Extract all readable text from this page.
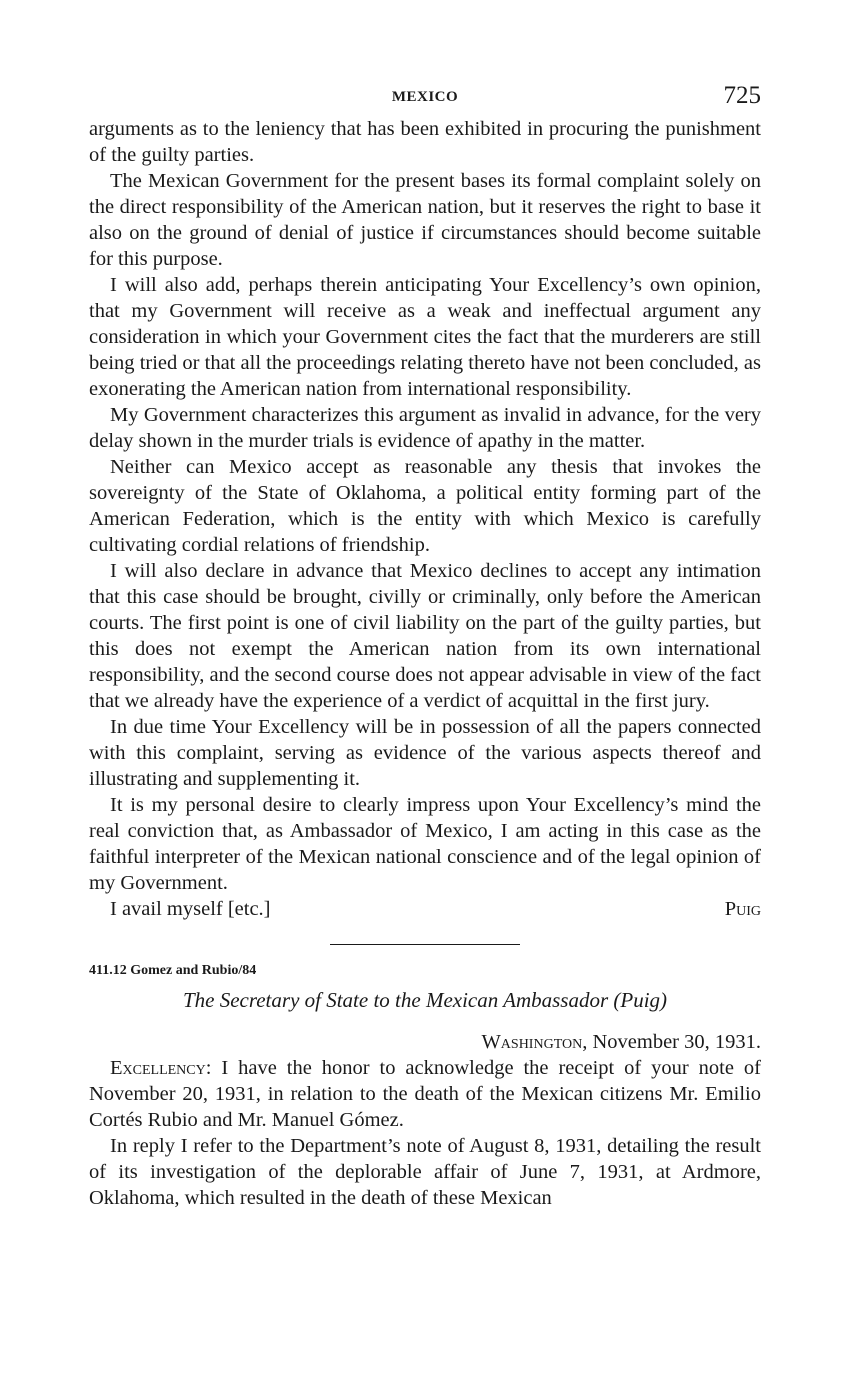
MEXICO	725

arguments as to the leniency that has been exhibited in procuring the punishment of the guilty parties.

The Mexican Government for the present bases its formal complaint solely on the direct responsibility of the American nation, but it reserves the right to base it also on the ground of denial of justice if circumstances should become suitable for this purpose.

I will also add, perhaps therein anticipating Your Excellency’s own opinion, that my Government will receive as a weak and ineffectual argument any consideration in which your Government cites the fact that the murderers are still being tried or that all the proceedings relating thereto have not been concluded, as exonerating the American nation from international responsibility.

My Government characterizes this argument as invalid in advance, for the very delay shown in the murder trials is evidence of apathy in the matter.

Neither can Mexico accept as reasonable any thesis that invokes the sovereignty of the State of Oklahoma, a political entity forming part of the American Federation, which is the entity with which Mexico is carefully cultivating cordial relations of friendship.

I will also declare in advance that Mexico declines to accept any intimation that this case should be brought, civilly or criminally, only before the American courts. The first point is one of civil liability on the part of the guilty parties, but this does not exempt the American nation from its own international responsibility, and the second course does not appear advisable in view of the fact that we already have the experience of a verdict of acquittal in the first jury.

In due time Your Excellency will be in possession of all the papers connected with this complaint, serving as evidence of the various aspects thereof and illustrating and supplementing it.

It is my personal desire to clearly impress upon Your Excellency’s mind the real conviction that, as Ambassador of Mexico, I am acting in this case as the faithful interpreter of the Mexican national conscience and of the legal opinion of my Government.

I avail myself [etc.]	Puig
411.12 Gomez and Rubio/84
The Secretary of State to the Mexican Ambassador (Puig)
Washington, November 30, 1931.

Excellency: I have the honor to acknowledge the receipt of your note of November 20, 1931, in relation to the death of the Mexican citizens Mr. Emilio Cortés Rubio and Mr. Manuel Gómez.

In reply I refer to the Department’s note of August 8, 1931, detailing the result of its investigation of the deplorable affair of June 7, 1931, at Ardmore, Oklahoma, which resulted in the death of these Mexican
